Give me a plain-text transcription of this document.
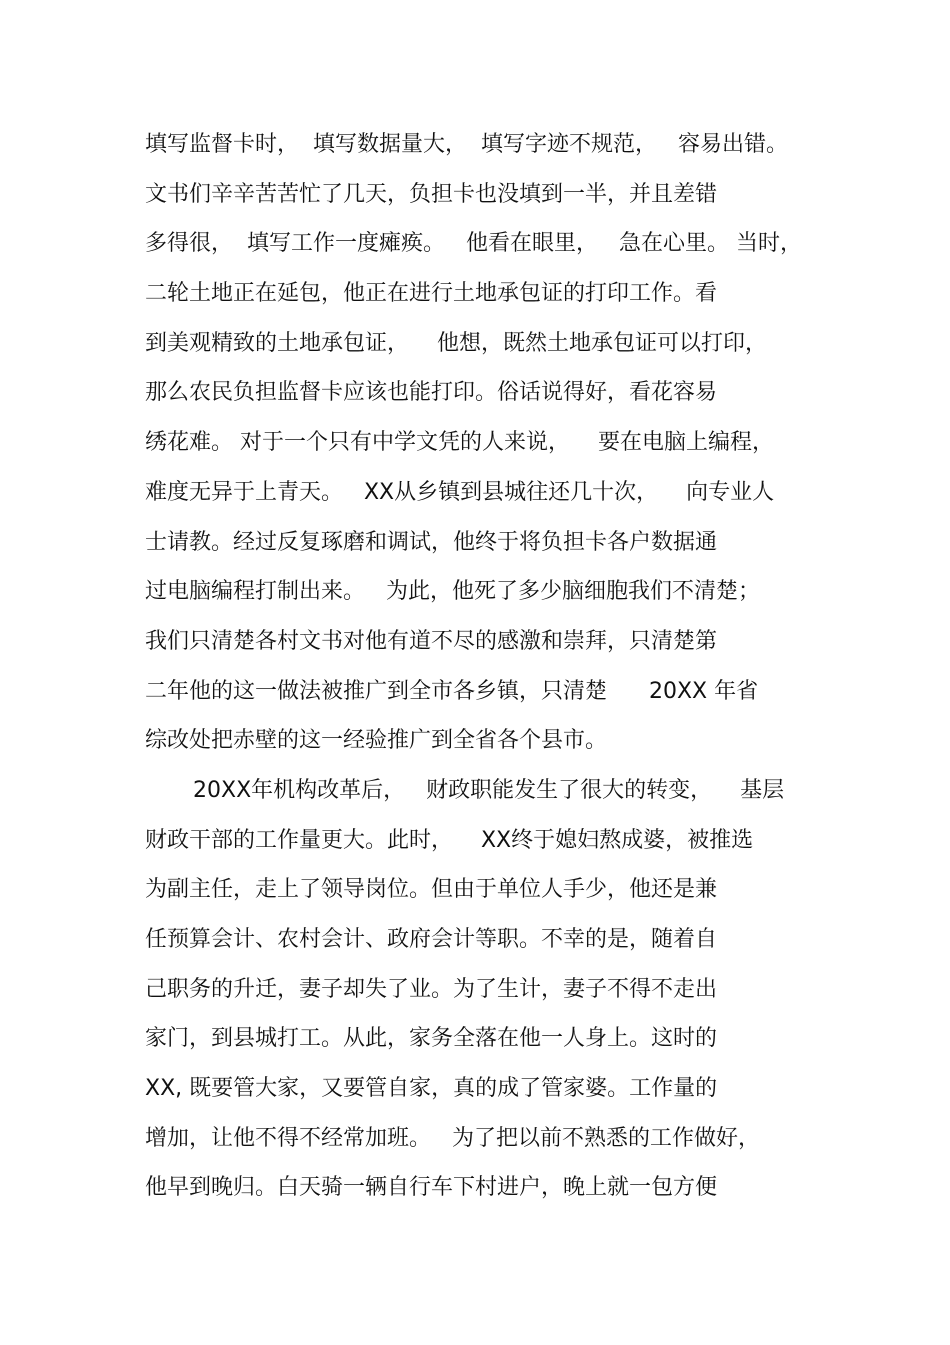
填写监督卡时，  填写数据量大，  填写字迹不规范，   容易出错。
文书们辛辛苦苦忙了几天，负担卡也没填到一半，并且差错
多得很，  填写工作一度瘫痪。   他看在眼里，   急在心里。 当时，
二轮土地正在延包，他正在进行土地承包证的打印工作。看
到美观精致的土地承包证，    他想，既然土地承包证可以打印，
那么农民负担监督卡应该也能打印。俗话说得好，看花容易
绣花难。 对于一个只有中学文凭的人来说，    要在电脑上编程，
难度无异于上青天。   XX从乡镇到县城往还几十次，    向专业人
士请教。经过反复琢磨和调试，他终于将负担卡各户数据通
过电脑编程打制出来。   为此，他死了多少脑细胞我们不清楚；
我们只清楚各村文书对他有道不尽的感激和崇拜，只清楚第
二年他的这一做法被推广到全市各乡镇，只清楚      20XX 年省
综改处把赤壁的这一经验推广到全省各个县市。
20XX年机构改革后，   财政职能发生了很大的转变，    基层
财政干部的工作量更大。此时，    XX终于媳妇熬成婆，被推选
为副主任，走上了领导岗位。但由于单位人手少，他还是兼
任预算会计、农村会计、政府会计等职。不幸的是，随着自
己职务的升迁，妻子却失了业。为了生计，妻子不得不走出
家门，到县城打工。从此，家务全落在他一人身上。这时的
XX, 既要管大家，又要管自家，真的成了管家婆。工作量的
增加，让他不得不经常加班。   为了把以前不熟悉的工作做好，
他早到晚归。白天骑一辆自行车下村进户，晚上就一包方便
